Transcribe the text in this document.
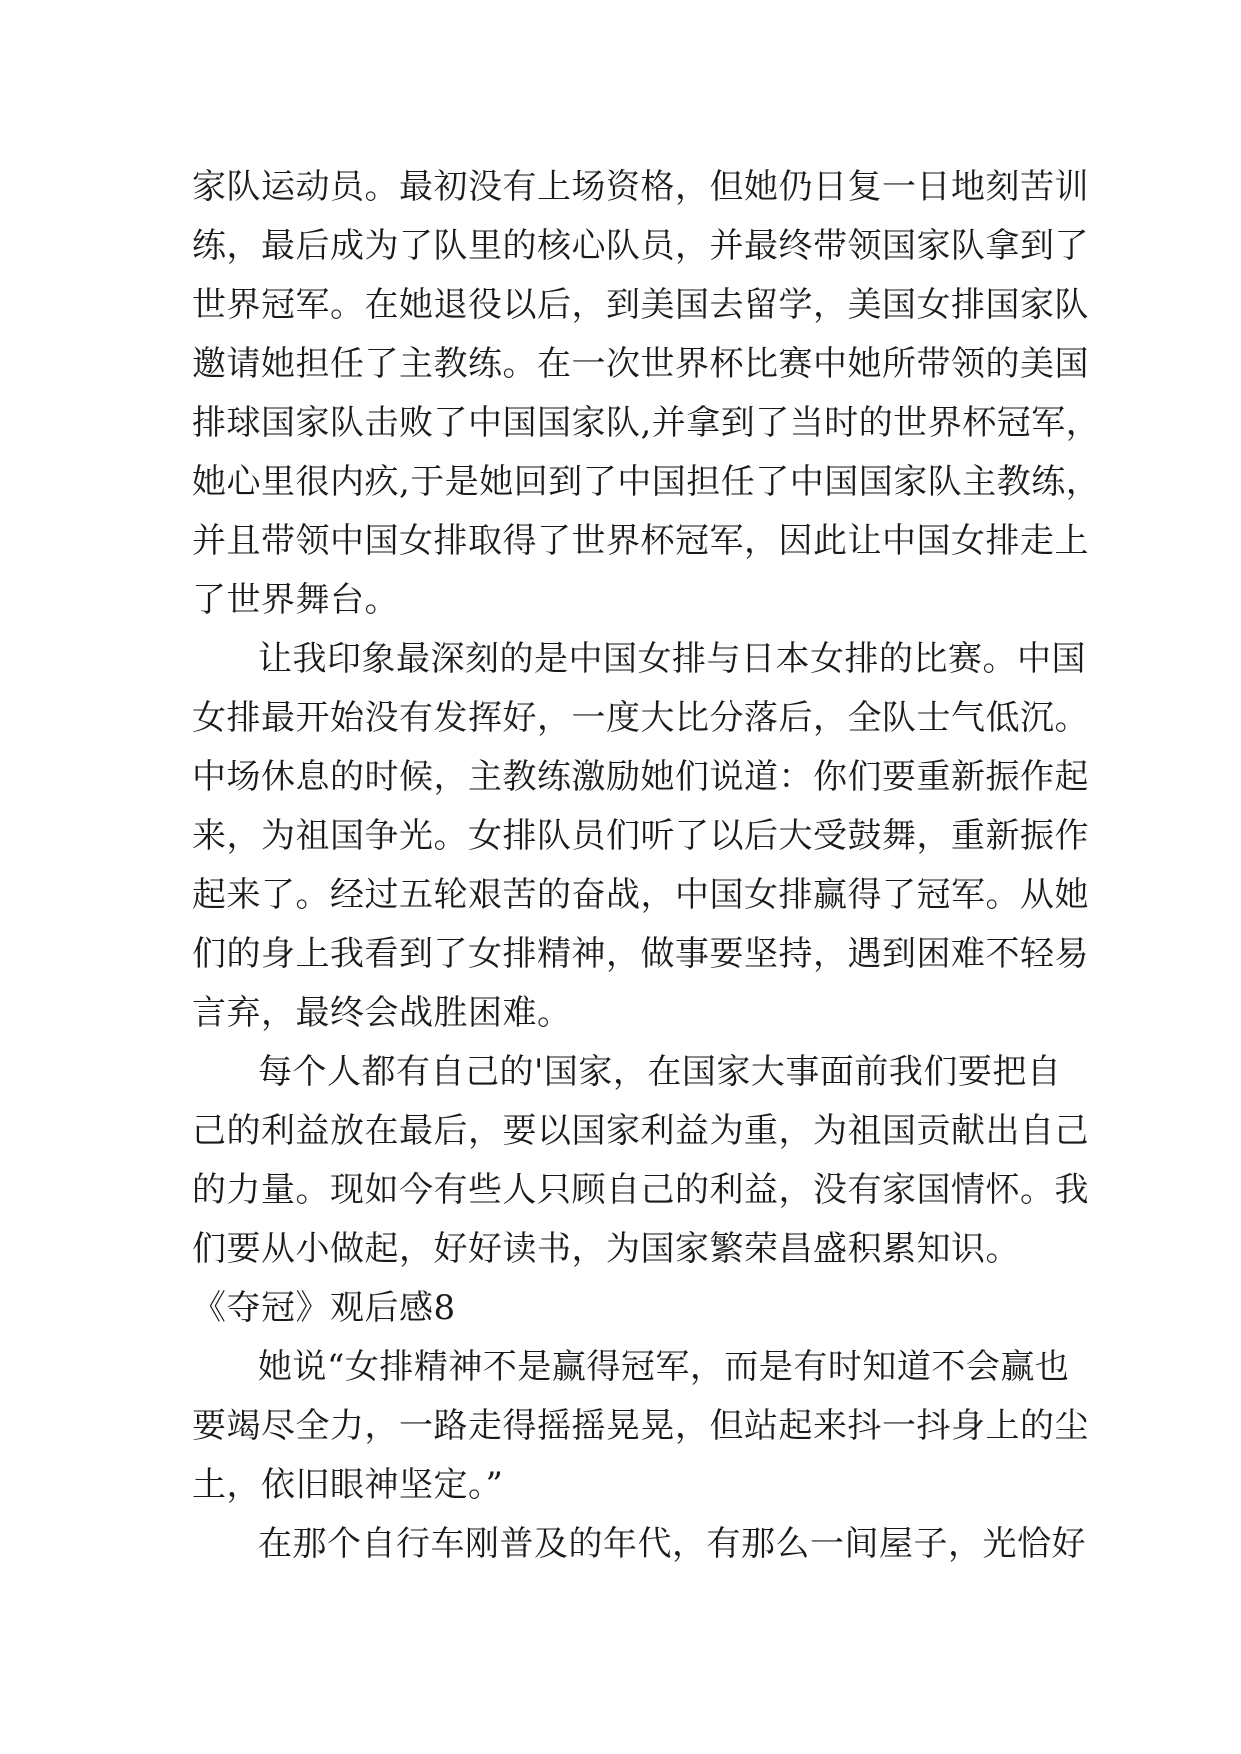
家队运动员。最初没有上场资格，但她仍日复一日地刻苦训
练，最后成为了队里的核心队员，并最终带领国家队拿到了
世界冠军。在她退役以后，到美国去留学，美国女排国家队
邀请她担任了主教练。在一次世界杯比赛中她所带领的美国
排球国家队击败了中国国家队,并拿到了当时的世界杯冠军，
她心里很内疚,于是她回到了中国担任了中国国家队主教练，
并且带领中国女排取得了世界杯冠军，因此让中国女排走上
了世界舞台。
让我印象最深刻的是中国女排与日本女排的比赛。中国
女排最开始没有发挥好，一度大比分落后，全队士气低沉。
中场休息的时候，主教练激励她们说道：你们要重新振作起
来，为祖国争光。女排队员们听了以后大受鼓舞，重新振作
起来了。经过五轮艰苦的奋战，中国女排赢得了冠军。从她
们的身上我看到了女排精神，做事要坚持，遇到困难不轻易
言弃，最终会战胜困难。
每个人都有自己的'国家，在国家大事面前我们要把自
己的利益放在最后，要以国家利益为重，为祖国贡献出自己
的力量。现如今有些人只顾自己的利益，没有家国情怀。我
们要从小做起，好好读书，为国家繁荣昌盛积累知识。
《夺冠》观后感8
她说“女排精神不是赢得冠军，而是有时知道不会赢也
要竭尽全力，一路走得摇摇晃晃，但站起来抖一抖身上的尘
土，依旧眼神坚定。”
在那个自行车刚普及的年代，有那么一间屋子，光恰好
